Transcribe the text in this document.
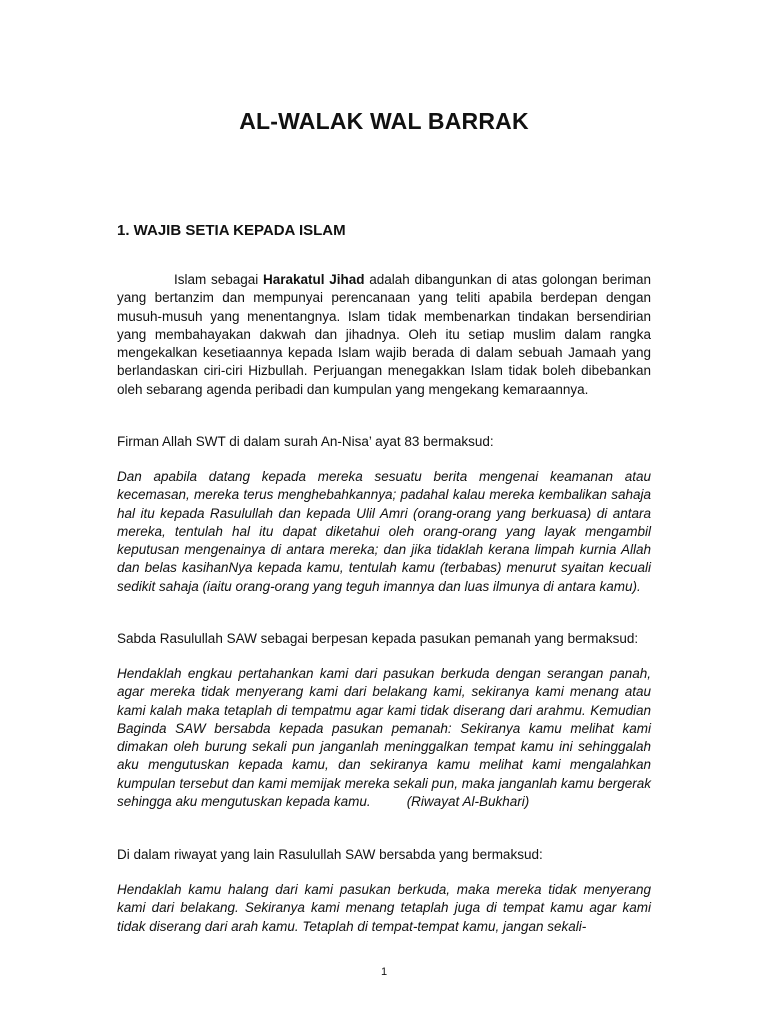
AL-WALAK WAL BARRAK
1. WAJIB SETIA KEPADA ISLAM

Islam sebagai Harakatul Jihad adalah dibangunkan di atas golongan beriman yang bertanzim dan mempunyai perencanaan yang teliti apabila berdepan dengan musuh-musuh yang menentangnya. Islam tidak membenarkan tindakan bersendirian yang membahayakan dakwah dan jihadnya. Oleh itu setiap muslim dalam rangka mengekalkan kesetiaannya kepada Islam wajib berada di dalam sebuah Jamaah yang berlandaskan ciri-ciri Hizbullah. Perjuangan menegakkan Islam tidak boleh dibebankan oleh sebarang agenda peribadi dan kumpulan yang mengekang kemaraannya.

Firman Allah SWT di dalam surah An-Nisa’ ayat 83 bermaksud:

Dan apabila datang kepada mereka sesuatu berita mengenai keamanan atau kecemasan, mereka terus menghebahkannya; padahal kalau mereka kembalikan sahaja hal itu kepada Rasulullah dan kepada Ulil Amri (orang-orang yang berkuasa) di antara mereka, tentulah hal itu dapat diketahui oleh orang-orang yang layak mengambil keputusan mengenainya di antara mereka; dan jika tidaklah kerana limpah kurnia Allah dan belas kasihanNya kepada kamu, tentulah kamu (terbabas) menurut syaitan kecuali sedikit sahaja (iaitu orang-orang yang teguh imannya dan luas ilmunya di antara kamu).

Sabda Rasulullah SAW sebagai berpesan kepada pasukan pemanah yang bermaksud:

Hendaklah engkau pertahankan kami dari pasukan berkuda dengan serangan panah, agar mereka tidak menyerang kami dari belakang kami, sekiranya kami menang atau kami kalah maka tetaplah di tempatmu agar kami tidak diserang dari arahmu. Kemudian Baginda SAW bersabda kepada pasukan pemanah: Sekiranya kamu melihat kami dimakan oleh burung sekali pun janganlah meninggalkan tempat kamu ini sehinggalah aku mengutuskan kepada kamu, dan sekiranya kamu melihat kami mengalahkan kumpulan tersebut dan kami memijak mereka sekali pun, maka janganlah kamu bergerak sehingga aku mengutuskan kepada kamu.	(Riwayat Al-Bukhari)

Di dalam riwayat yang lain Rasulullah SAW bersabda yang bermaksud:

Hendaklah kamu halang dari kami pasukan berkuda, maka mereka tidak menyerang kami dari belakang. Sekiranya kami menang tetaplah juga di tempat kamu agar kami tidak diserang dari arah kamu. Tetaplah di tempat-tempat kamu, jangan sekali-

1
